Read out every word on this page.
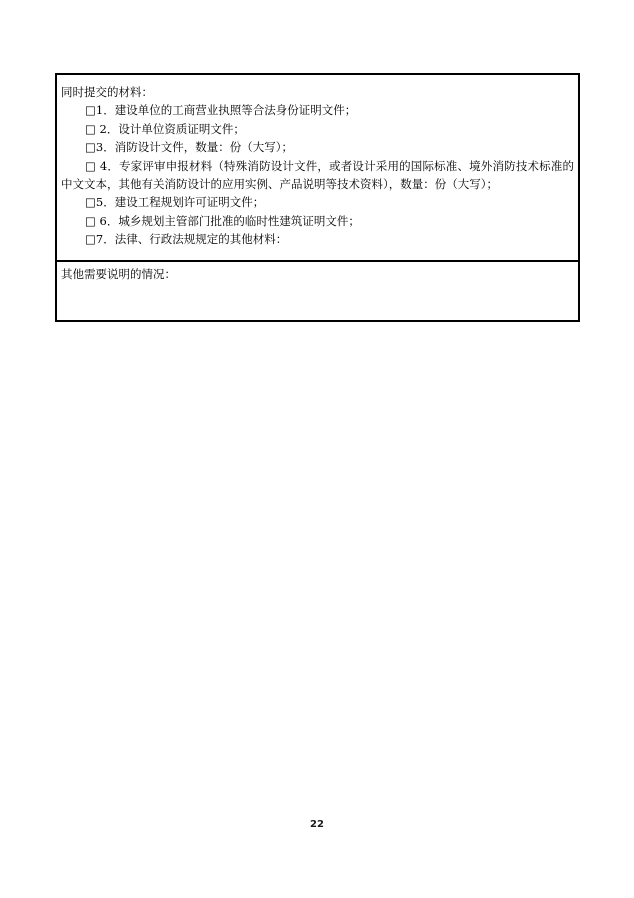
同时提交的材料：

□1．建设单位的工商营业执照等合法身份证明文件；

□ 2．设计单位资质证明文件；

□3．消防设计文件，数量：份（大写）；

□ 4．专家评审申报材料（特殊消防设计文件，或者设计采用的国际标准、境外消防技术标准的中文文本，其他有关消防设计的应用实例、产品说明等技术资料），数量：份（大写）；

□5．建设工程规划许可证明文件；

□ 6．城乡规划主管部门批准的临时性建筑证明文件；

□7．法律、行政法规规定的其他材料：

其他需要说明的情况：

22
